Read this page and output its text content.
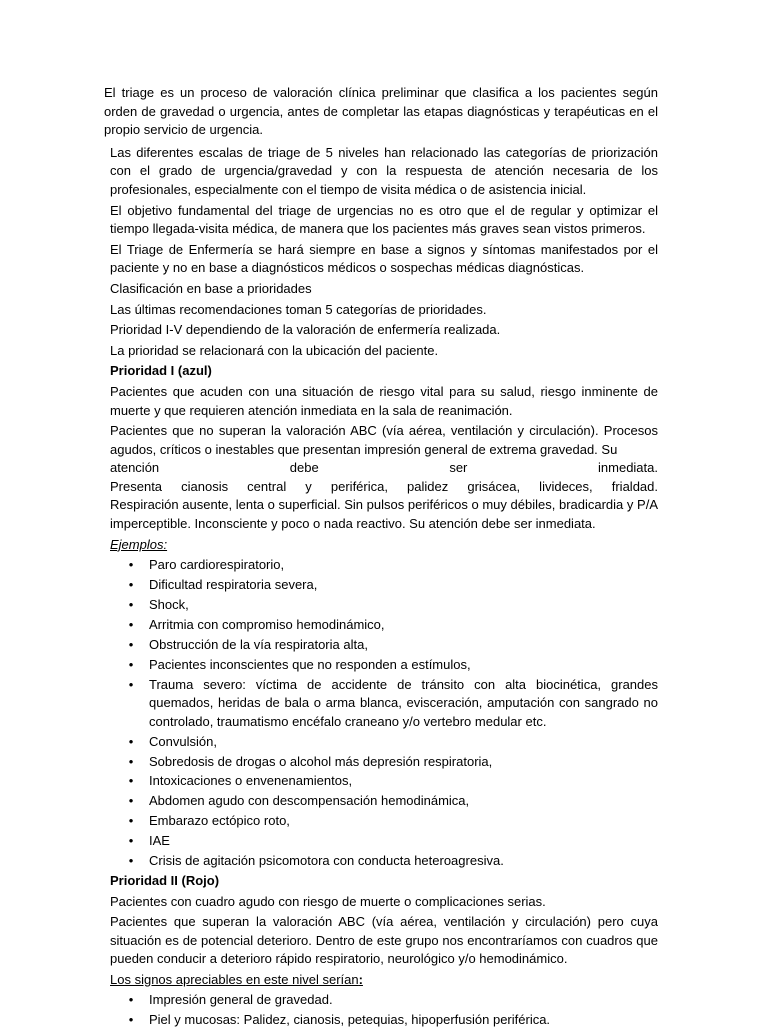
El triage es un proceso de valoración clínica preliminar que clasifica a los pacientes según orden de gravedad o urgencia, antes de completar las etapas diagnósticas y terapéuticas en el propio servicio de urgencia.

Las diferentes escalas de triage de 5 niveles han relacionado las categorías de priorización con el grado de urgencia/gravedad y con la respuesta de atención necesaria de los profesionales, especialmente con el tiempo de visita médica o de asistencia inicial.

El objetivo fundamental del triage de urgencias no es otro que el de regular y optimizar el tiempo llegada-visita médica, de manera que los pacientes más graves sean vistos primeros.

El Triage de Enfermería se hará siempre en base a signos y síntomas manifestados por el paciente y no en base a diagnósticos médicos o sospechas médicas diagnósticas.

Clasificación en base a prioridades

Las últimas recomendaciones toman 5 categorías de prioridades.

Prioridad I-V dependiendo de la valoración de enfermería realizada.

La prioridad se relacionará con la ubicación del paciente.

Prioridad I (azul)

Pacientes que acuden con una situación de riesgo vital para su salud, riesgo inminente de muerte y que requieren atención inmediata en la sala de reanimación.

Pacientes que no superan la valoración ABC (vía aérea, ventilación y circulación). Procesos agudos, críticos o inestables que presentan impresión general de extrema gravedad. Su

atención debe ser inmediata.

Presenta cianosis central y periférica, palidez grisácea, livideces, frialdad.

Respiración ausente, lenta o superficial. Sin pulsos periféricos o muy débiles, bradicardia y P/A imperceptible. Inconsciente y poco o nada reactivo. Su atención debe ser inmediata.

Ejemplos:

• Paro cardiorespiratorio,
• Dificultad respiratoria severa,
• Shock,
• Arritmia con compromiso hemodinámico,
• Obstrucción de la vía respiratoria alta,
• Pacientes inconscientes que no responden a estímulos,
• Trauma severo: víctima de accidente de tránsito con alta biocinética, grandes quemados, heridas de bala o arma blanca, evisceración, amputación con sangrado no controlado, traumatismo encéfalo craneano y/o vertebro medular etc.
• Convulsión,
• Sobredosis de drogas o alcohol más depresión respiratoria,
• Intoxicaciones o envenenamientos,
• Abdomen agudo con descompensación hemodinámica,
• Embarazo ectópico roto,
• IAE
• Crisis de agitación psicomotora con conducta heteroagresiva.

Prioridad II (Rojo)

Pacientes con cuadro agudo con riesgo de muerte o complicaciones serias.

Pacientes que superan la valoración ABC (vía aérea, ventilación y circulación) pero cuya situación es de potencial deterioro. Dentro de este grupo nos encontraríamos con cuadros que pueden conducir a deterioro rápido respiratorio, neurológico y/o hemodinámico.

Los signos apreciables en este nivel serían:

• Impresión general de gravedad.
• Piel y mucosas: Palidez, cianosis, petequias, hipoperfusión periférica.
